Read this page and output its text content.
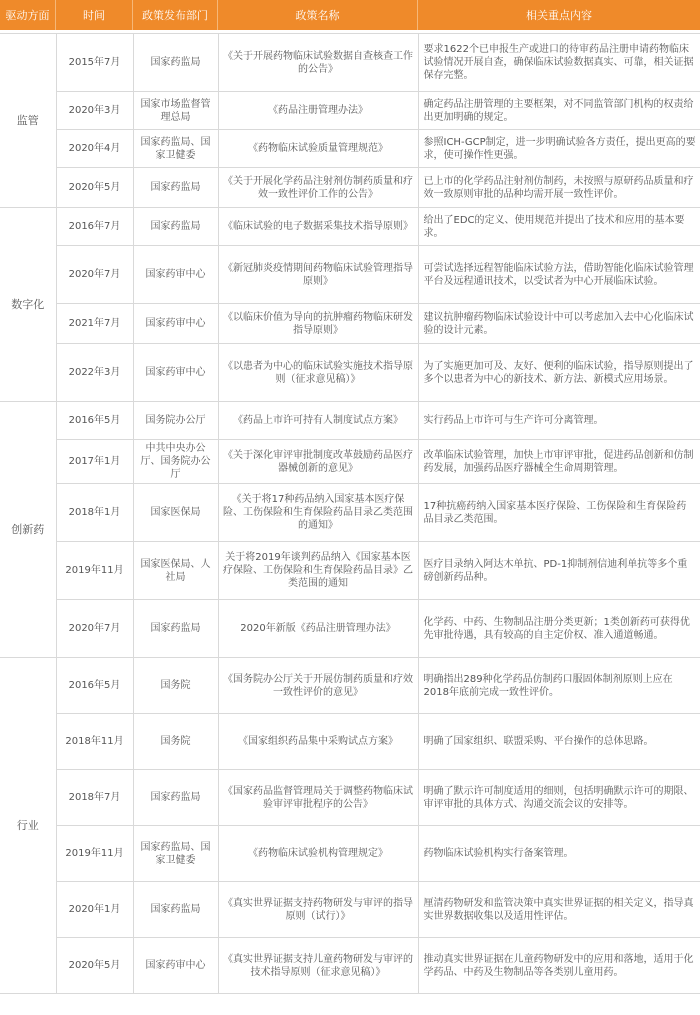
驱动方面	时间	政策发布部门	政策名称	相关重点内容
监管	2015年7月	国家药监局	《关于开展药物临床试验数据自查核查工作的公告》	要求1622个已申报生产或进口的待审药品注册申请药物临床试验情况开展自查，确保临床试验数据真实、可靠，相关证据保存完整。
	2020年3月	国家市场监督管理总局	《药品注册管理办法》	确定药品注册管理的主要框架，对不同监管部门机构的权责给出更加明确的规定。
	2020年4月	国家药监局、国家卫健委	《药物临床试验质量管理规范》	参照ICH-GCP制定，进一步明确试验各方责任，提出更高的要求，使可操作性更强。
	2020年5月	国家药监局	《关于开展化学药品注射剂仿制药质量和疗效一致性评价工作的公告》	已上市的化学药品注射剂仿制药，未按照与原研药品质量和疗效一致原则审批的品种均需开展一致性评价。
数字化	2016年7月	国家药监局	《临床试验的电子数据采集技术指导原则》	给出了EDC的定义、使用规范并提出了技术和应用的基本要求。
	2020年7月	国家药审中心	《新冠肺炎疫情期间药物临床试验管理指导原则》	可尝试选择远程智能临床试验方法，借助智能化临床试验管理平台及远程通讯技术，以受试者为中心开展临床试验。
	2021年7月	国家药审中心	《以临床价值为导向的抗肿瘤药物临床研发指导原则》	建议抗肿瘤药物临床试验设计中可以考虑加入去中心化临床试验的设计元素。
	2022年3月	国家药审中心	《以患者为中心的临床试验实施技术指导原则（征求意见稿）》	为了实施更加可及、友好、便利的临床试验，指导原则提出了多个以患者为中心的新技术、新方法、新模式应用场景。
创新药	2016年5月	国务院办公厅	《药品上市许可持有人制度试点方案》	实行药品上市许可与生产许可分离管理。
	2017年1月	中共中央办公厅、国务院办公厅	《关于深化审评审批制度改革鼓励药品医疗器械创新的意见》	改革临床试验管理，加快上市审评审批，促进药品创新和仿制药发展，加强药品医疗器械全生命周期管理。
	2018年1月	国家医保局	《关于将17种药品纳入国家基本医疗保险、工伤保险和生育保险药品目录乙类范围的通知》	17种抗癌药纳入国家基本医疗保险、工伤保险和生育保险药品目录乙类范围。
	2019年11月	国家医保局、人社局	关于将2019年谈判药品纳入《国家基本医疗保险、工伤保险和生育保险药品目录》乙类范围的通知	医疗目录纳入阿达木单抗、PD-1抑制剂信迪利单抗等多个重磅创新药品种。
	2020年7月	国家药监局	2020年新版《药品注册管理办法》	化学药、中药、生物制品注册分类更新；1类创新药可获得优先审批待遇，具有较高的自主定价权、准入通道畅通。
行业	2016年5月	国务院	《国务院办公厅关于开展仿制药质量和疗效一致性评价的意见》	明确指出289种化学药品仿制药口服固体制剂原则上应在2018年底前完成一致性评价。
	2018年11月	国务院	《国家组织药品集中采购试点方案》	明确了国家组织、联盟采购、平台操作的总体思路。
	2018年7月	国家药监局	《国家药品监督管理局关于调整药物临床试验审评审批程序的公告》	明确了默示许可制度适用的细则，包括明确默示许可的期限、审评审批的具体方式、沟通交流会议的安排等。
	2019年11月	国家药监局、国家卫健委	《药物临床试验机构管理规定》	药物临床试验机构实行备案管理。
	2020年1月	国家药监局	《真实世界证据支持药物研发与审评的指导原则（试行）》	厘清药物研发和监管决策中真实世界证据的相关定义，指导真实世界数据收集以及适用性评估。
	2020年5月	国家药审中心	《真实世界证据支持儿童药物研发与审评的技术指导原则（征求意见稿）》	推动真实世界证据在儿童药物研发中的应用和落地，适用于化学药品、中药及生物制品等各类别儿童用药。
